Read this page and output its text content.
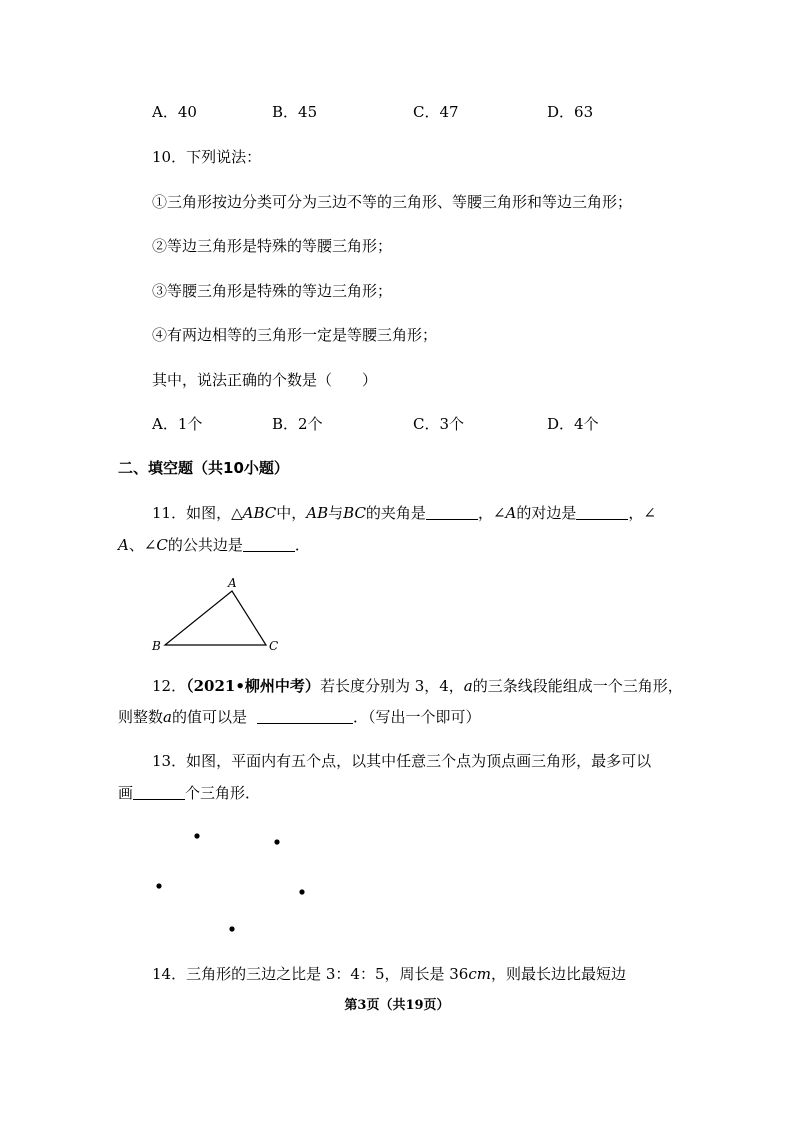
A．40	B．45	C．47	D．63
10．下列说法：
①三角形按边分类可分为三边不等的三角形、等腰三角形和等边三角形；
②等边三角形是特殊的等腰三角形；
③等腰三角形是特殊的等边三角形；
④有两边相等的三角形一定是等腰三角形；
其中，说法正确的个数是（　　）
A．1个	B．2个	C．3个	D．4个
二、填空题（共10小题）
11．如图，△ABC中，AB与BC的夹角是	，∠A的对边是	，∠
A、∠C的公共边是	．
A
B	C
12．（2021•柳州中考）若长度分别为 3，4，a的三条线段能组成一个三角形，
则整数a的值可以是	．（写出一个即可）
13．如图，平面内有五个点，以其中任意三个点为顶点画三角形，最多可以
画	个三角形．
14．三角形的三边之比是 3：4：5，周长是 36cm，则最长边比最短边
第3页（共19页）
